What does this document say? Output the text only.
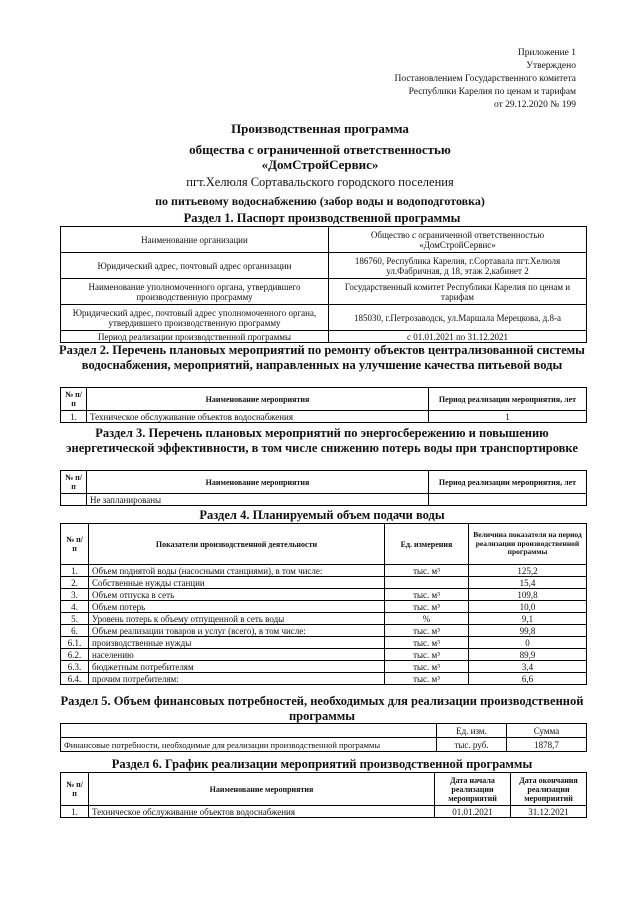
Приложение 1
Утверждено
Постановлением Государственного комитета
Республики Карелия по ценам и тарифам
от 29.12.2020 № 199
Производственная программа
общества с ограниченной ответственностью
«ДомСтройСервис»
пгт.Хелюля Сортавальского городского поселения
по питьевому водоснабжению (забор воды и водоподготовка)
Раздел 1. Паспорт производственной программы
Наименование организации	Общество с ограниченной ответственностью «ДомСтройСервис»
Юридический адрес, почтовый адрес организации	186760, Республика Карелия, г.Сортавала пгт.Хелюля ул.Фабричная, д 18, этаж 2,кабинет 2
Наименование уполномоченного органа, утвердившего производственную программу	Государственный комитет Республики Карелия по ценам и тарифам
Юридический адрес, почтовый адрес уполномоченного органа, утвердившего производственную программу	185030, г.Петрозаводск, ул.Маршала Мерецкова, д.8-а
Период реализации производственной программы	с 01.01.2021 по 31.12.2021
Раздел 2. Перечень плановых мероприятий по ремонту объектов централизованной системы водоснабжения, мероприятий, направленных на улучшение качества питьевой воды
№ п/п	Наименование мероприятия	Период реализации мероприятия, лет
1.	Техническое обслуживание объектов водоснабжения	1
Раздел 3. Перечень плановых мероприятий по энергосбережению и повышению энергетической эффективности, в том числе снижению потерь воды при транспортировке
№ п/п	Наименование мероприятия	Период реализации мероприятия, лет
	Не запланированы	
Раздел 4. Планируемый объем подачи воды
№ п/п	Показатели производственной деятельности	Ед. измерения	Величина показателя на период реализации производственной программы
1.	Объем поднятой воды (насосными станциями), в том числе:	тыс. м³	125,2
2.	Собственные нужды станции		15,4
3.	Объем отпуска в сеть	тыс. м³	109,8
4.	Объем потерь	тыс. м³	10,0
5.	Уровень потерь к объему отпущенной в сеть воды	%	9,1
6.	Объем реализации товаров и услуг (всего), в том числе:	тыс. м³	99,8
6.1.	производственные нужды	тыс. м³	0
6.2.	населению	тыс. м³	89,9
6.3.	бюджетным потребителям	тыс. м³	3,4
6.4.	прочим потребителям:	тыс. м³	6,6
Раздел 5. Объем финансовых потребностей, необходимых для реализации производственной программы
	Ед. изм.	Сумма
Финансовые потребности, необходимые для реализации производственной программы	тыс. руб.	1878,7
Раздел 6. График реализации мероприятий производственной программы
№ п/п	Наименование мероприятия	Дата начала реализации мероприятий	Дата окончания реализации мероприятий
1.	Техническое обслуживание объектов водоснабжения	01.01.2021	31.12.2021
